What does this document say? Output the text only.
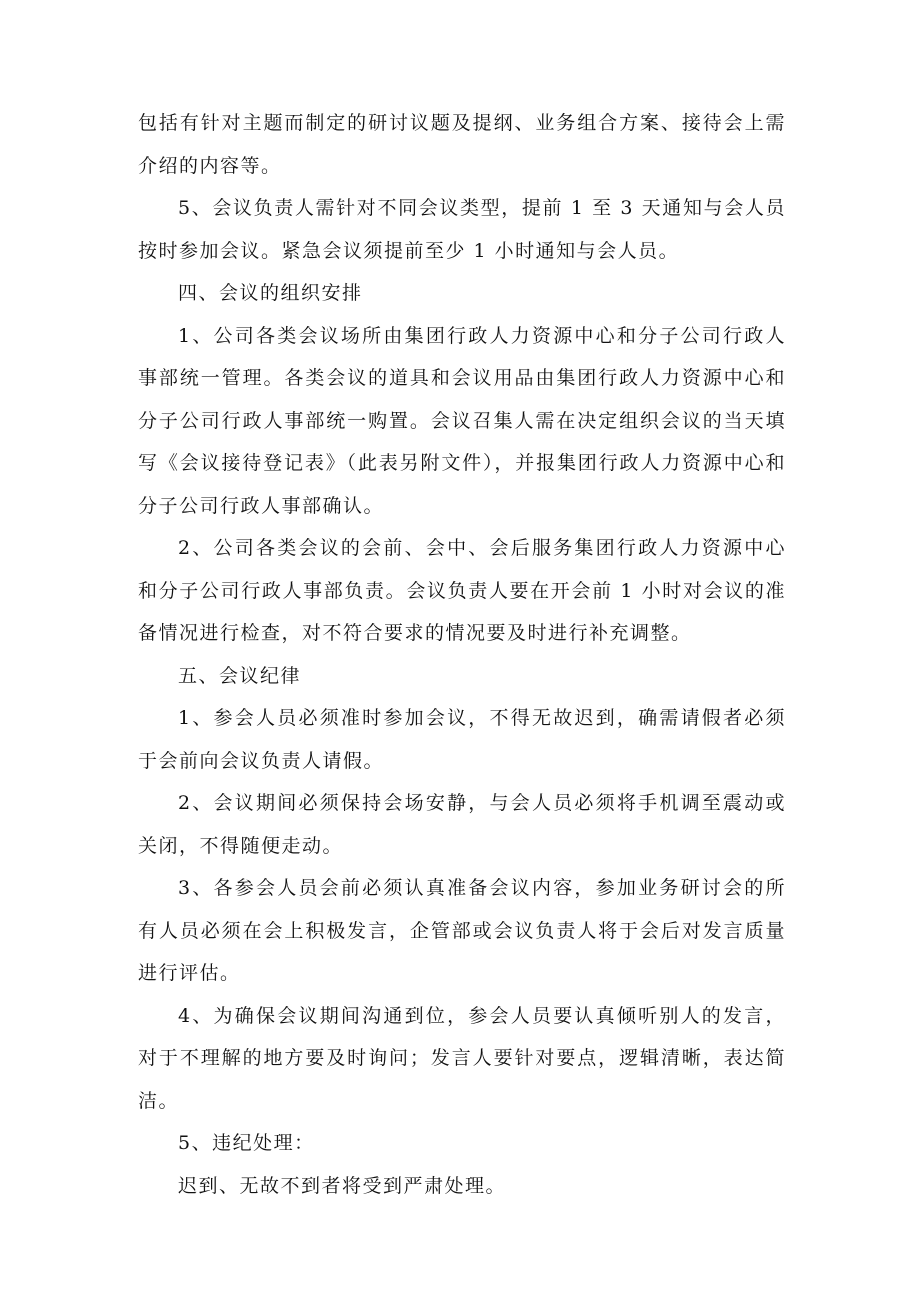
包括有针对主题而制定的研讨议题及提纲、业务组合方案、接待会上需介绍的内容等。

5、会议负责人需针对不同会议类型，提前 1 至 3 天通知与会人员按时参加会议。紧急会议须提前至少 1 小时通知与会人员。

四、会议的组织安排

1、公司各类会议场所由集团行政人力资源中心和分子公司行政人事部统一管理。各类会议的道具和会议用品由集团行政人力资源中心和分子公司行政人事部统一购置。会议召集人需在决定组织会议的当天填写《会议接待登记表》（此表另附文件），并报集团行政人力资源中心和分子公司行政人事部确认。

2、公司各类会议的会前、会中、会后服务集团行政人力资源中心和分子公司行政人事部负责。会议负责人要在开会前 1 小时对会议的准备情况进行检查，对不符合要求的情况要及时进行补充调整。

五、会议纪律

1、参会人员必须准时参加会议，不得无故迟到，确需请假者必须于会前向会议负责人请假。

2、会议期间必须保持会场安静，与会人员必须将手机调至震动或关闭，不得随便走动。

3、各参会人员会前必须认真准备会议内容，参加业务研讨会的所有人员必须在会上积极发言，企管部或会议负责人将于会后对发言质量进行评估。

4、为确保会议期间沟通到位，参会人员要认真倾听别人的发言，对于不理解的地方要及时询问；发言人要针对要点，逻辑清晰，表达简洁。

5、违纪处理：

迟到、无故不到者将受到严肃处理。
